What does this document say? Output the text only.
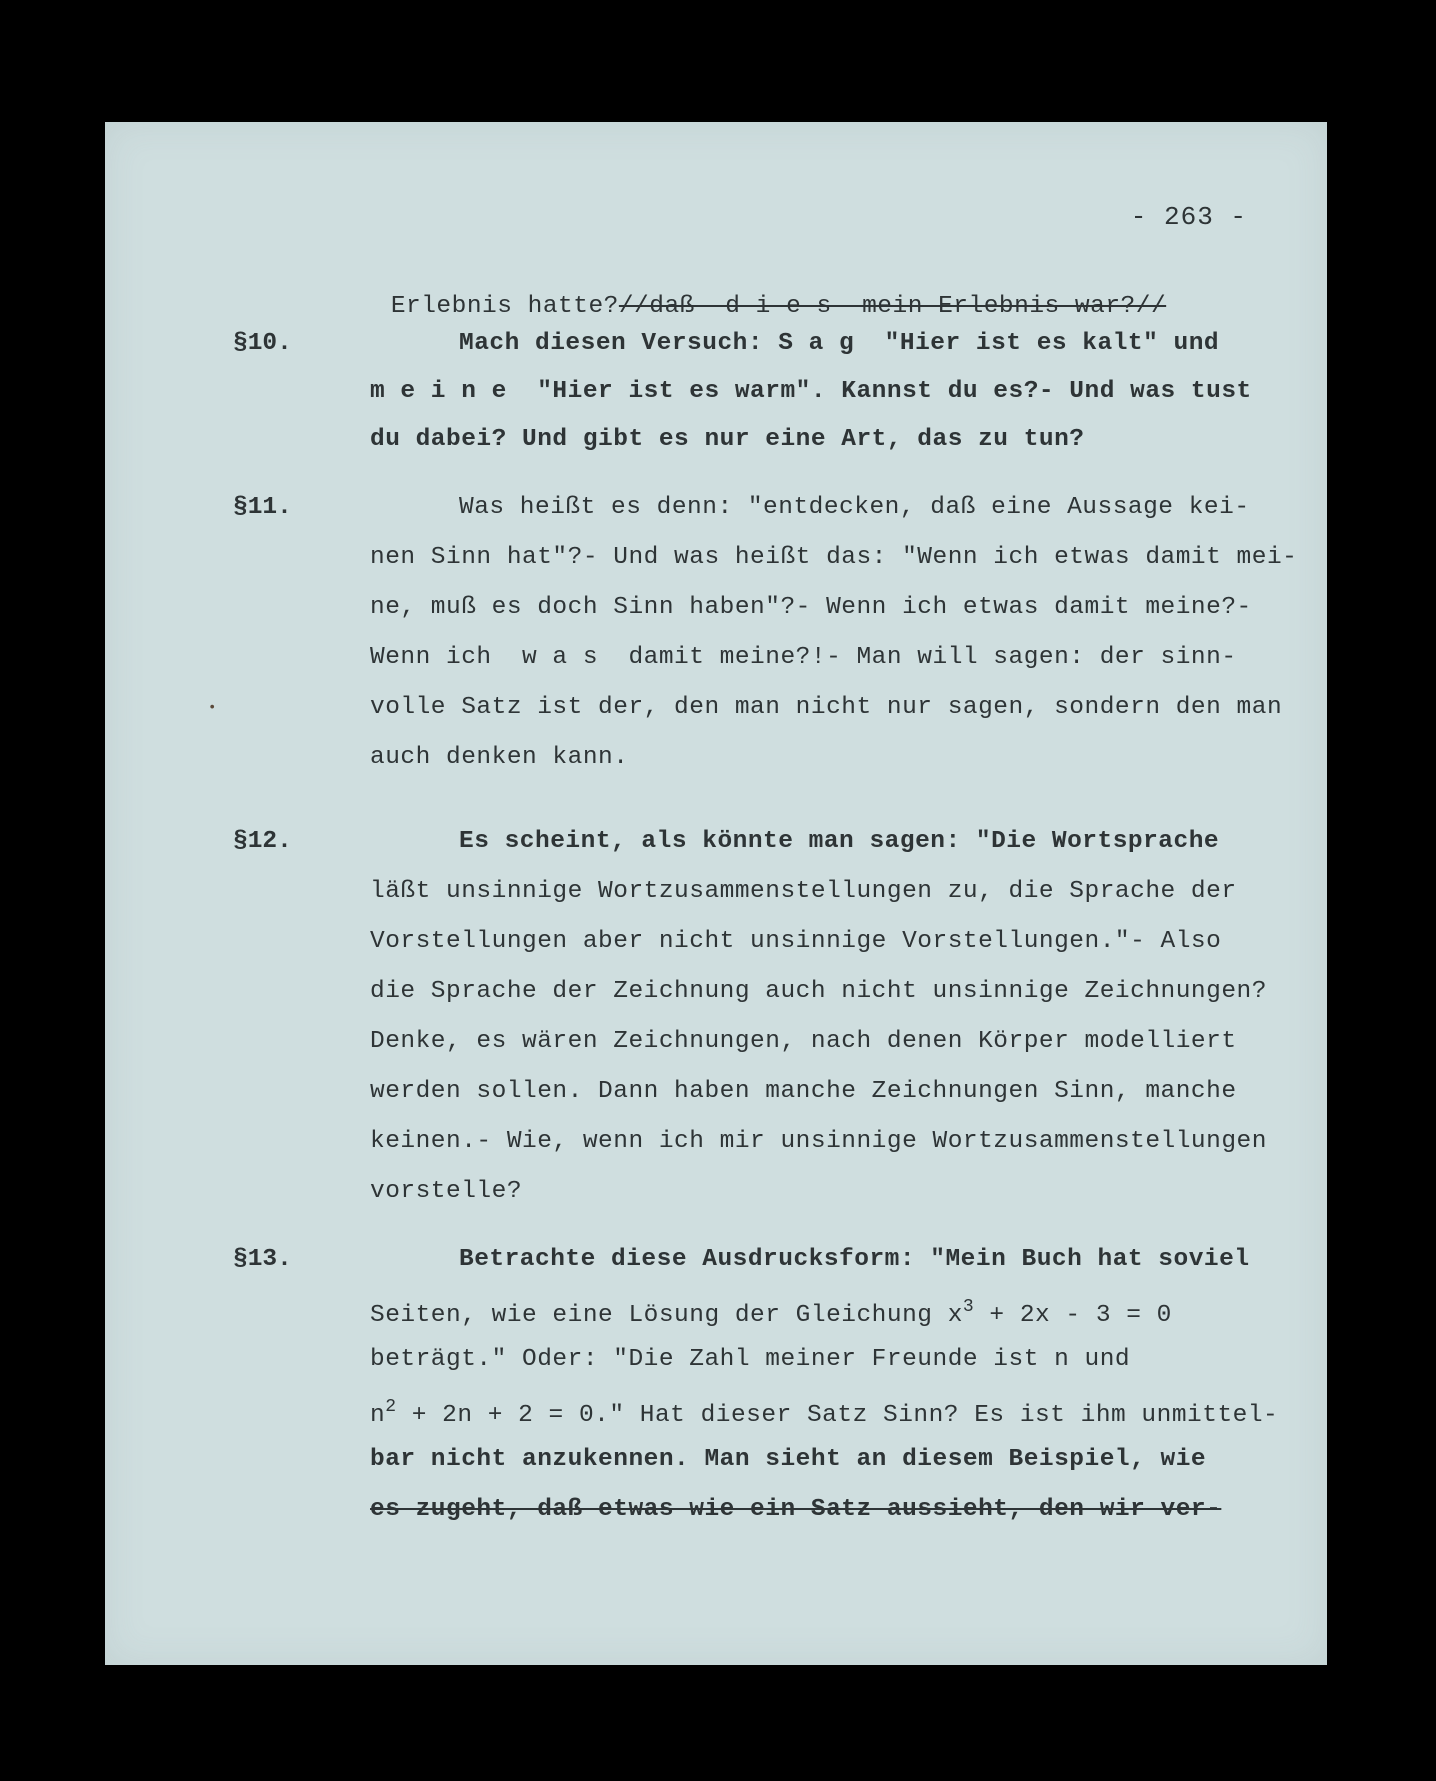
- 263 -

Erlebnis hatte?//daß  d i e s  mein Erlebnis war?//

§10.	Mach diesen Versuch: S a g  "Hier ist es kalt" und
m e i n e  "Hier ist es warm". Kannst du es?- Und was tust
du dabei? Und gibt es nur eine Art, das zu tun?
§11.	Was heißt es denn: "entdecken, daß eine Aussage kei-
nen Sinn hat"?- Und was heißt das: "Wenn ich etwas damit mei-
ne, muß es doch Sinn haben"?- Wenn ich etwas damit meine?-
Wenn ich  w a s  damit meine?!- Man will sagen: der sinn-
volle Satz ist der, den man nicht nur sagen, sondern den man
auch denken kann.
•
§12.	Es scheint, als könnte man sagen: "Die Wortsprache
läßt unsinnige Wortzusammenstellungen zu, die Sprache der
Vorstellungen aber nicht unsinnige Vorstellungen."- Also
die Sprache der Zeichnung auch nicht unsinnige Zeichnungen?
Denke, es wären Zeichnungen, nach denen Körper modelliert
werden sollen. Dann haben manche Zeichnungen Sinn, manche
keinen.- Wie, wenn ich mir unsinnige Wortzusammenstellungen
vorstelle?
§13.	Betrachte diese Ausdrucksform: "Mein Buch hat soviel
Seiten, wie eine Lösung der Gleichung $x^3 + 2x - 3 = 0$
beträgt." Oder: "Die Zahl meiner Freunde ist n und
$n^2 + 2n + 2 = 0$." Hat dieser Satz Sinn? Es ist ihm unmittel-
bar nicht anzukennen. Man sieht an diesem Beispiel, wie
es zugeht, daß etwas wie ein Satz aussieht, den wir ver-
